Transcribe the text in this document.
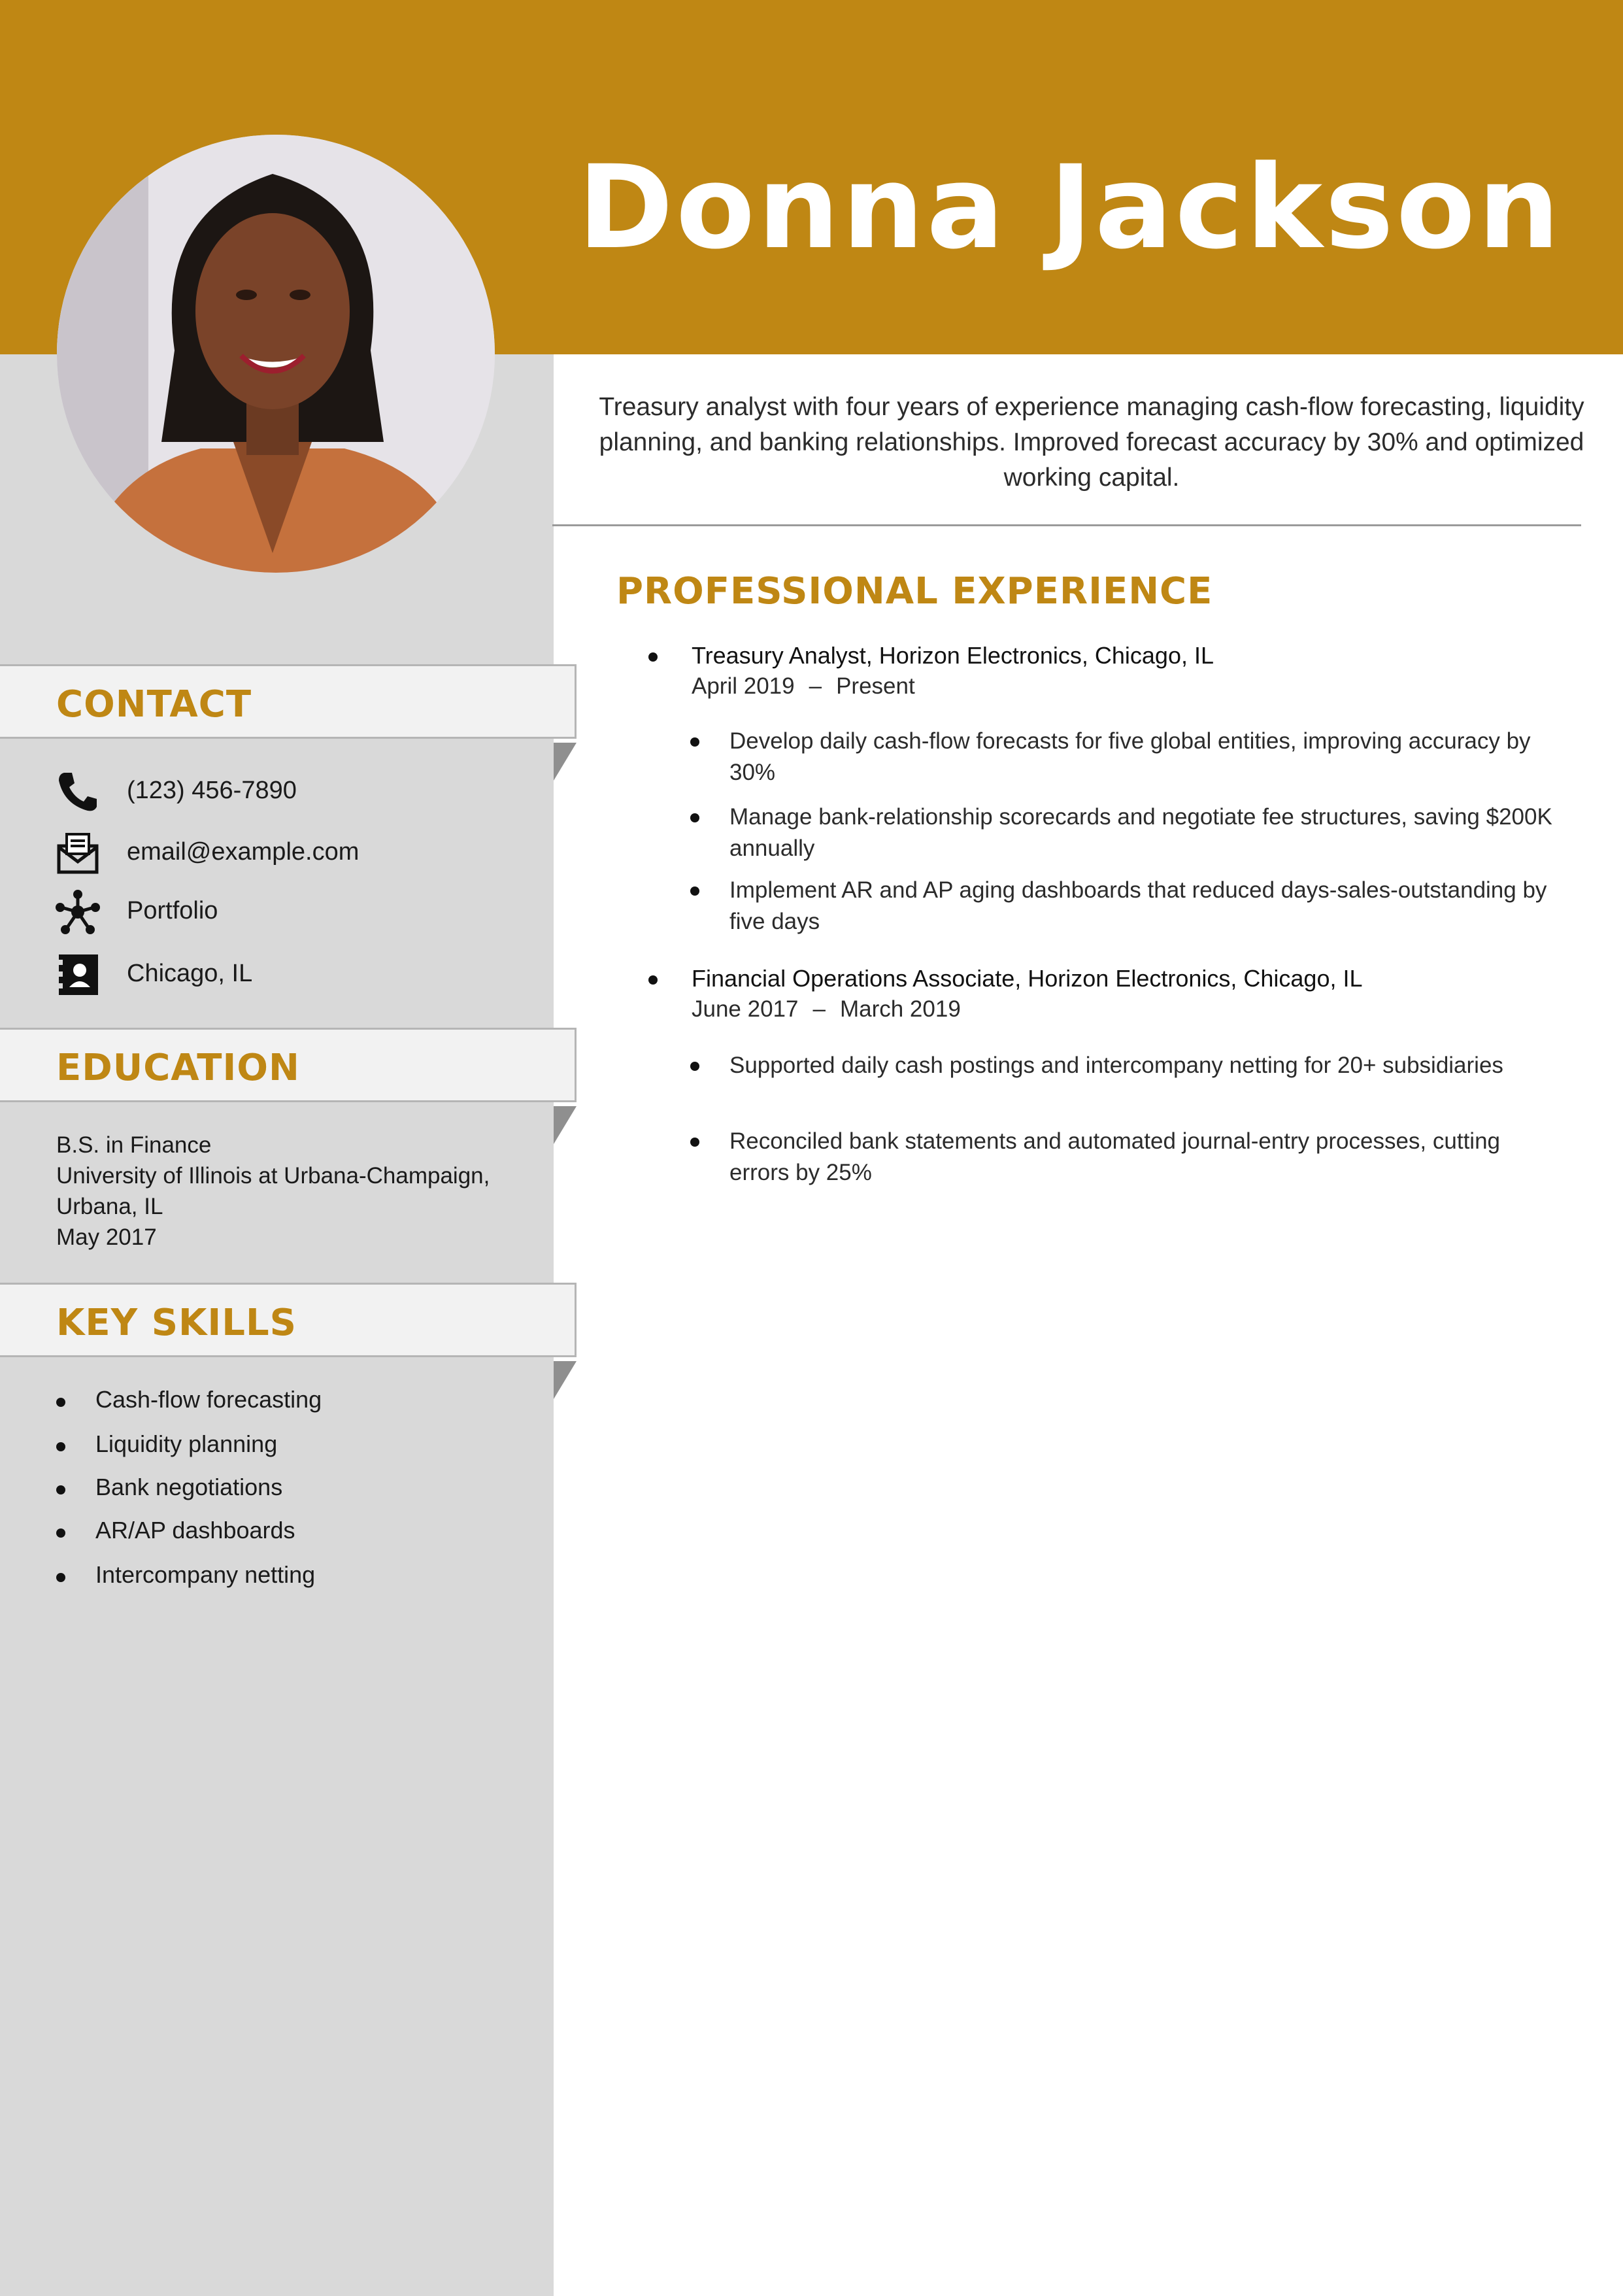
Donna Jackson
Treasury analyst with four years of experience managing cash-flow forecasting, liquidity planning, and banking relationships. Improved forecast accuracy by 30% and optimized working capital.
PROFESSIONAL EXPERIENCE
Treasury Analyst, Horizon Electronics, Chicago, IL
April 2019 – Present
Develop daily cash-flow forecasts for five global entities, improving accuracy by 30%
Manage bank-relationship scorecards and negotiate fee structures, saving $200K annually
Implement AR and AP aging dashboards that reduced days-sales-outstanding by five days
Financial Operations Associate, Horizon Electronics, Chicago, IL
June 2017 – March 2019
Supported daily cash postings and intercompany netting for 20+ subsidiaries
Reconciled bank statements and automated journal-entry processes, cutting errors by 25%
CONTACT
(123) 456-7890
email@example.com
Portfolio
Chicago, IL
EDUCATION
B.S. in Finance
University of Illinois at Urbana-Champaign,
Urbana, IL
May 2017
KEY SKILLS
Cash-flow forecasting
Liquidity planning
Bank negotiations
AR/AP dashboards
Intercompany netting
